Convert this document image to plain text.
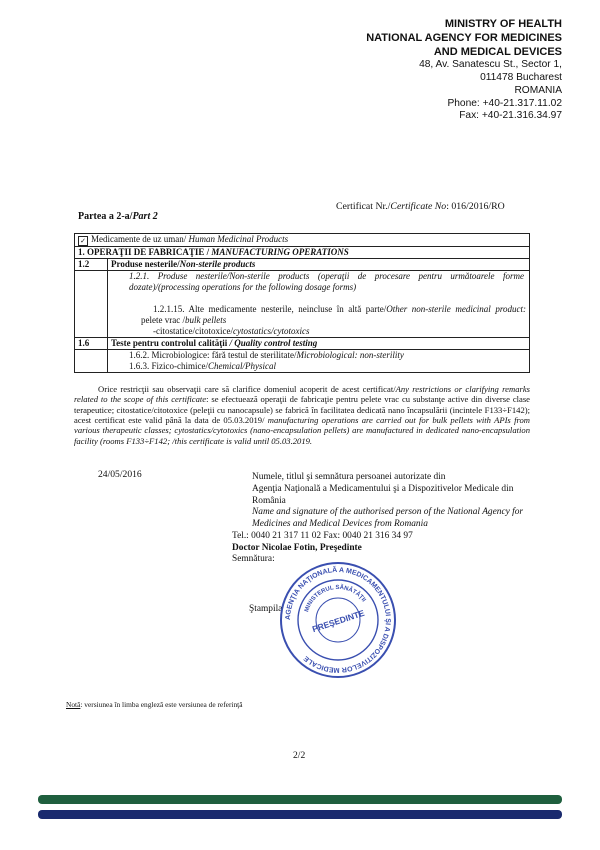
MINISTRY OF HEALTH
NATIONAL AGENCY FOR MEDICINES
AND MEDICAL DEVICES
48, Av. Sanatescu St., Sector 1,
011478 Bucharest
ROMANIA
Phone: +40-21.317.11.02
Fax: +40-21.316.34.97
Certificat Nr./Certificate No: 016/2016/RO
Partea a 2-a/Part 2
✓ Medicamente de uz uman/ Human Medicinal Products	
1. OPERAŢII DE FABRICAŢIE / MANUFACTURING OPERATIONS	
1.2	Produse nesterile/Non-sterile products

	1.2.1. Produse nesterile/Non-sterile products (operaţii de procesare pentru următoarele forme dozate)/(processing operations for the following dosage forms)
1.2.1.15. Alte medicamente nesterile, neincluse în altă parte/Other non-sterile medicinal product: pelete vrac /bulk pellets
-citostatice/citotoxice/cytostatics/cytotoxics

1.6	Teste pentru controlul calităţii / Quality control testing

	1.6.2. Microbiologice: fără testul de sterilitate/Microbiological: non-sterility
1.6.3. Fizico-chimice/Chemical/Physical
Orice restricţii sau observaţii care să clarifice domeniul acoperit de acest certificat/Any restrictions or clarifying remarks related to the scope of this certificate: se efectuează operaţii de fabricaţie pentru pelete vrac cu substanţe active din diverse clase terapeutice; citostatice/citotoxice (peleţii cu nanocapsule) se fabrică în facilitatea dedicată nano încapsulării (incintele F133÷F142); acest certificat este valid până la data de 05.03.2019/ manufacturing operations are carried out for bulk pellets with APIs from various therapeutic classes; cytostatics/cytotoxics (nano-encapsulation pellets) are manufactured in dedicated nano-encapsulation facility (rooms F133÷F142; /this certificate is valid until 05.03.2019.
24/05/2016	Numele, titlul şi semnătura persoanei autorizate din

Agenţia Naţională a Medicamentului şi a Dispozitivelor Medicale din România

Name and signature of the authorised person of the National Agency for Medicines and Medical Devices from Romania

Tel.: 0040 21 317 11 02 Fax: 0040 21 316 34 97

Doctor Nicolae Fotin, Preşedinte

Semnătura:

Ştampila
AGENŢIA NAŢIONALĂ A MEDICAMENTULUI ŞI A DISPOZITIVELOR MEDICALE
MINISTERUL SĂNĂTĂŢII
PREŞEDINTE
Notă: versiunea în limba engleză este versiunea de referinţă
2/2
